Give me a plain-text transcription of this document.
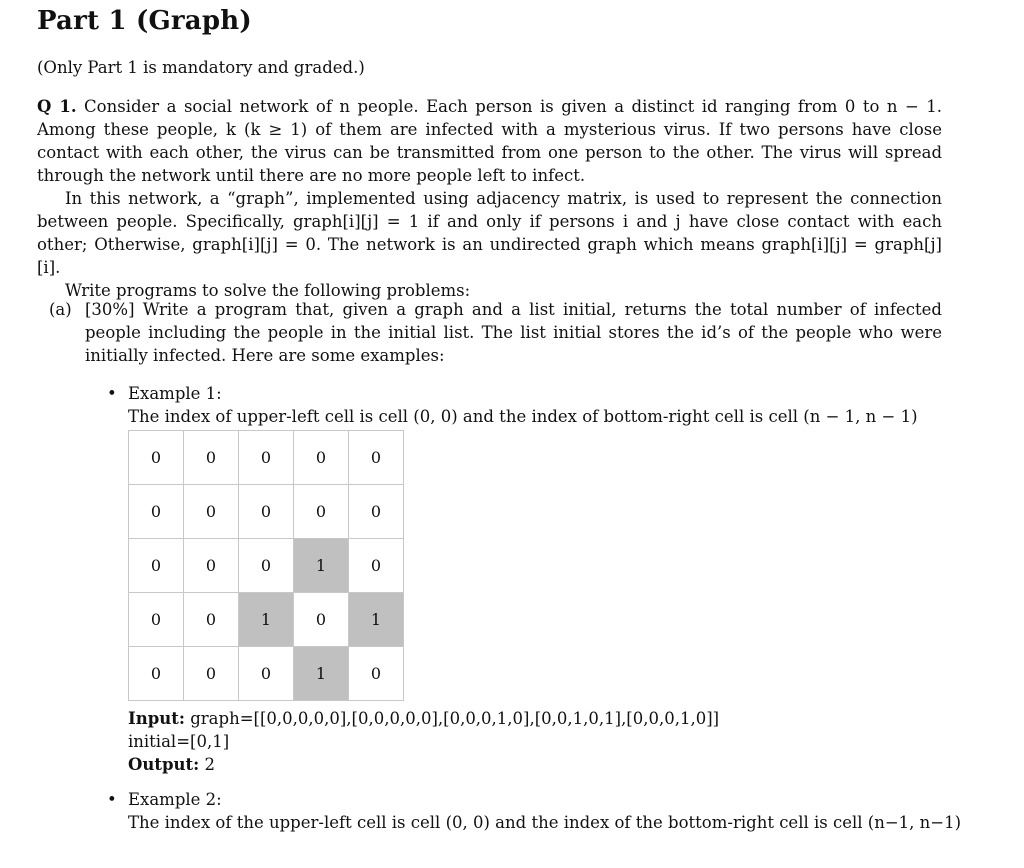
Part 1 (Graph)
(Only Part 1 is mandatory and graded.)

Q 1. Consider a social network of n people. Each person is given a distinct id ranging from 0 to n − 1. Among these people, k (k ≥ 1) of them are infected with a mysterious virus. If two persons have close contact with each other, the virus can be transmitted from one person to the other. The virus will spread through the network until there are no more people left to infect.

In this network, a “graph”, implemented using adjacency matrix, is used to represent the connection between people. Specifically, graph[i][j] = 1 if and only if persons i and j have close contact with each other; Otherwise, graph[i][j] = 0. The network is an undirected graph which means graph[i][j] = graph[j][i].

Write programs to solve the following problems:

(a) [30%] Write a program that, given a graph and a list initial, returns the total number of infected people including the people in the initial list. The list initial stores the id’s of the people who were initially infected. Here are some examples:
• Example 1:
The index of upper-left cell is cell (0, 0) and the index of bottom-right cell is cell (n − 1, n − 1)
0	0	0	0	0
0	0	0	0	0
0	0	0	1	0
0	0	1	0	1
0	0	0	1	0
Input: graph=[[0,0,0,0,0],[0,0,0,0,0],[0,0,0,1,0],[0,0,1,0,1],[0,0,0,1,0]]
initial=[0,1]
Output: 2
• Example 2:
The index of the upper-left cell is cell (0, 0) and the index of the bottom-right cell is cell (n−1, n−1)
